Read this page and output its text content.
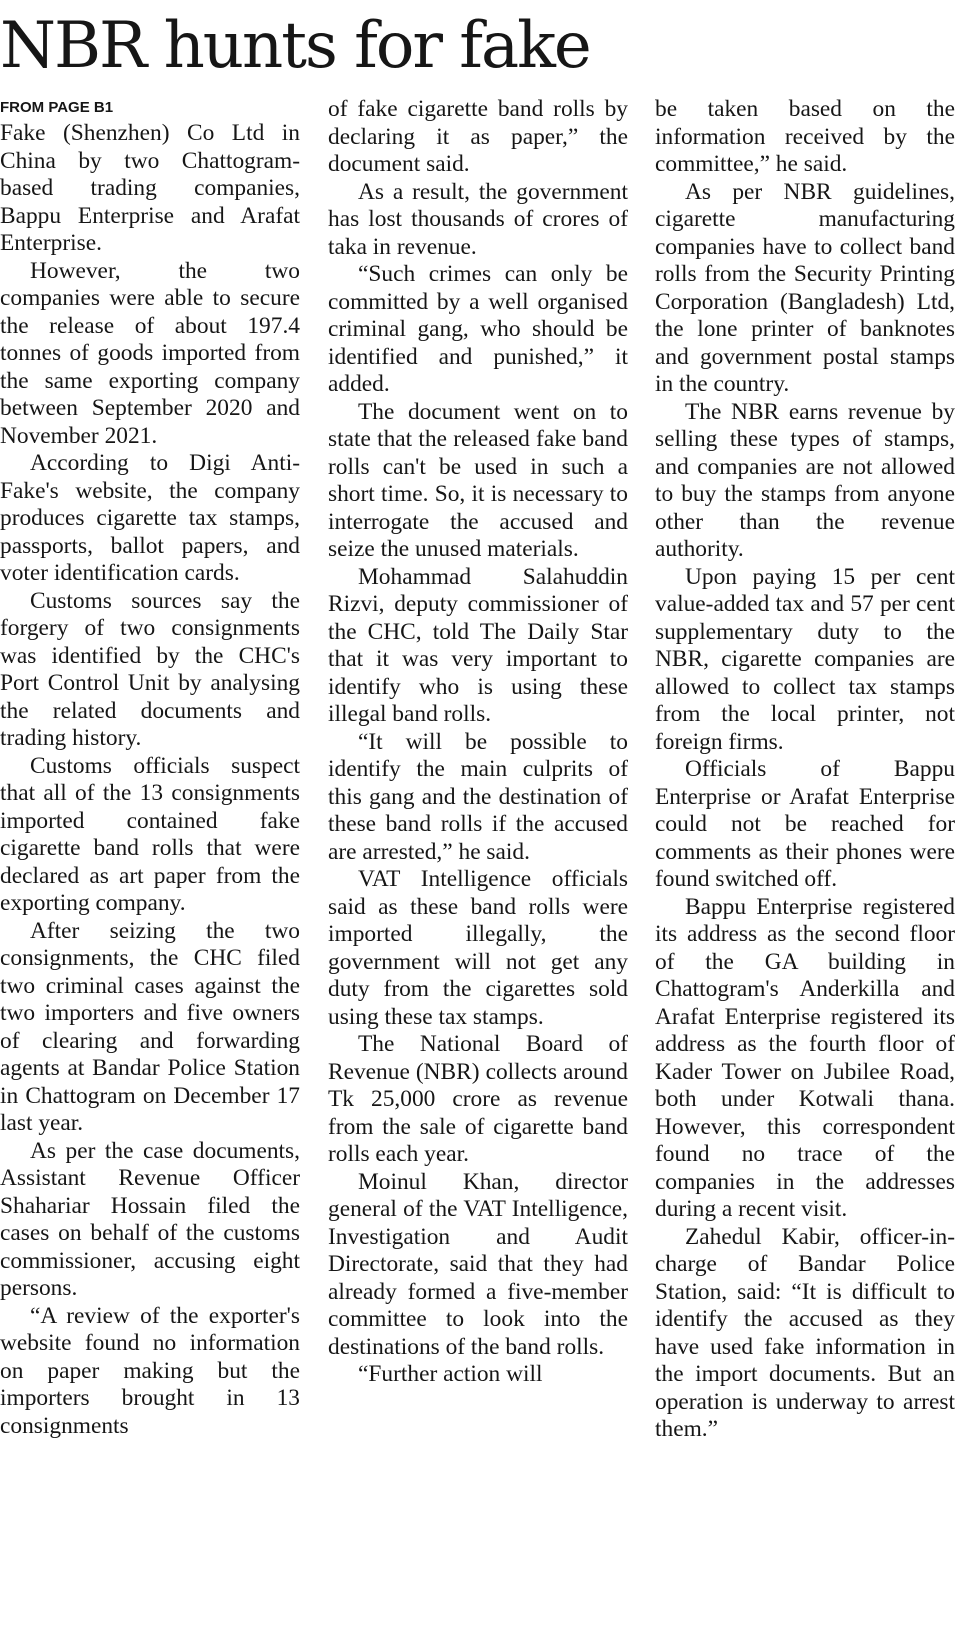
NBR hunts for fake
FROM PAGE B1

Fake (Shenzhen) Co Ltd in China by two Chattogram-based trading companies, Bappu Enterprise and Arafat Enterprise.

However, the two companies were able to secure the release of about 197.4 tonnes of goods imported from the same exporting company between September 2020 and November 2021.

According to Digi Anti-Fake's website, the company produces cigarette tax stamps, passports, ballot papers, and voter identification cards.

Customs sources say the forgery of two consignments was identified by the CHC's Port Control Unit by analysing the related documents and trading history.

Customs officials suspect that all of the 13 consignments imported contained fake cigarette band rolls that were declared as art paper from the exporting company.

After seizing the two consignments, the CHC filed two criminal cases against the two importers and five owners of clearing and forwarding agents at Bandar Police Station in Chattogram on December 17 last year.

As per the case documents, Assistant Revenue Officer Shahariar Hossain filed the cases on behalf of the customs commissioner, accusing eight persons.

“A review of the exporter's website found no information on paper making but the importers brought in 13 consignments

of fake cigarette band rolls by declaring it as paper,” the document said.

As a result, the government has lost thousands of crores of taka in revenue.

“Such crimes can only be committed by a well organised criminal gang, who should be identified and punished,” it added.

The document went on to state that the released fake band rolls can't be used in such a short time. So, it is necessary to interrogate the accused and seize the unused materials.

Mohammad Salahuddin Rizvi, deputy commissioner of the CHC, told The Daily Star that it was very important to identify who is using these illegal band rolls.

“It will be possible to identify the main culprits of this gang and the destination of these band rolls if the accused are arrested,” he said.

VAT Intelligence officials said as these band rolls were imported illegally, the government will not get any duty from the cigarettes sold using these tax stamps.

The National Board of Revenue (NBR) collects around Tk 25,000 crore as revenue from the sale of cigarette band rolls each year.

Moinul Khan, director general of the VAT Intelligence, Investigation and Audit Directorate, said that they had already formed a five-member committee to look into the destinations of the band rolls.

“Further action will

be taken based on the information received by the committee,” he said.

As per NBR guidelines, cigarette manufacturing companies have to collect band rolls from the Security Printing Corporation (Bangladesh) Ltd, the lone printer of banknotes and government postal stamps in the country.

The NBR earns revenue by selling these types of stamps, and companies are not allowed to buy the stamps from anyone other than the revenue authority.

Upon paying 15 per cent value-added tax and 57 per cent supplementary duty to the NBR, cigarette companies are allowed to collect tax stamps from the local printer, not foreign firms.

Officials of Bappu Enterprise or Arafat Enterprise could not be reached for comments as their phones were found switched off.

Bappu Enterprise registered its address as the second floor of the GA building in Chattogram's Anderkilla and Arafat Enterprise registered its address as the fourth floor of Kader Tower on Jubilee Road, both under Kotwali thana. However, this correspondent found no trace of the companies in the addresses during a recent visit.

Zahedul Kabir, officer-in-charge of Bandar Police Station, said: “It is difficult to identify the accused as they have used fake information in the import documents. But an operation is underway to arrest them.”
